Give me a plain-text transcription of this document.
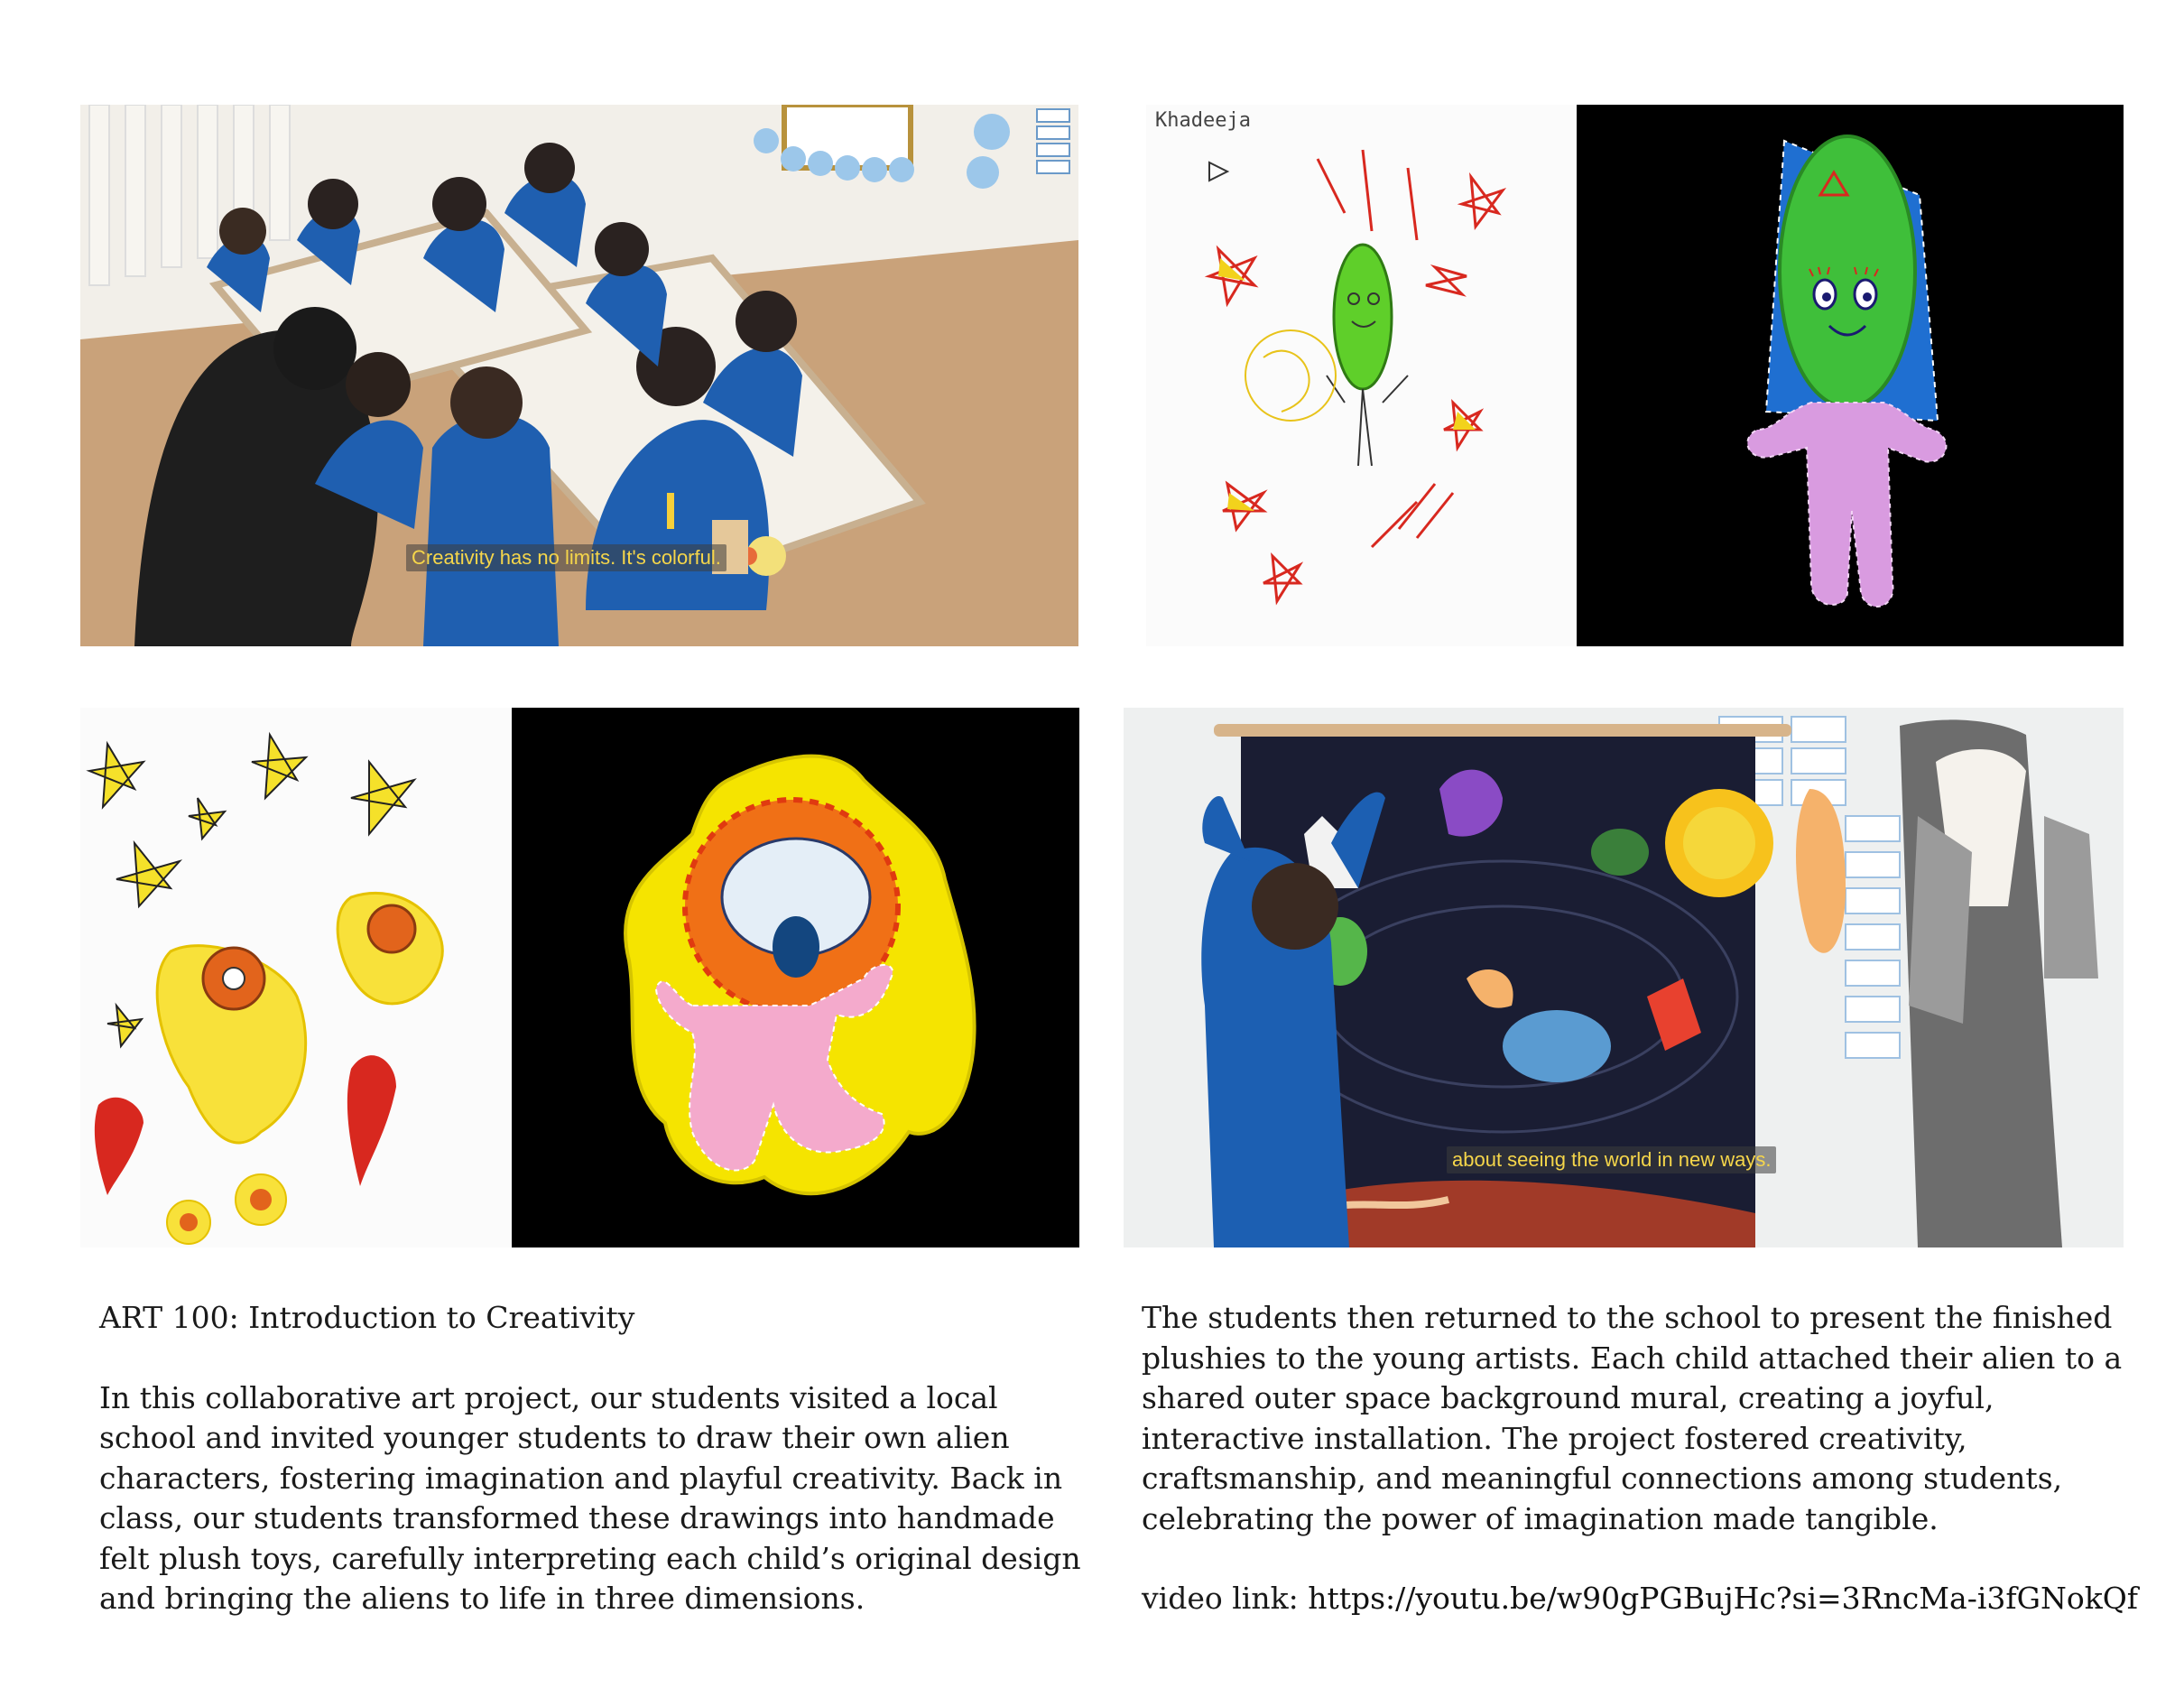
Creativity has no limits. It's colorful.
Khadeeja
about seeing the world in new ways.

ART 100: Introduction to Creativity

In this collaborative art project, our students visited a local school and invited younger students to draw their own alien characters, fostering imagination and playful creativity. Back in class, our students transformed these drawings into handmade felt plush toys, carefully interpreting each child’s original design and bringing the aliens to life in three dimensions.

The students then returned to the school to present the finished plushies to the young artists. Each child attached their alien to a shared outer space background mural, creating a joyful, interactive installation. The project fostered creativity, craftsmanship, and meaningful connections among students, celebrating the power of imagination made tangible.

video link: https://youtu.be/w90gPGBujHc?si=3RncMa-i3fGNokQf
